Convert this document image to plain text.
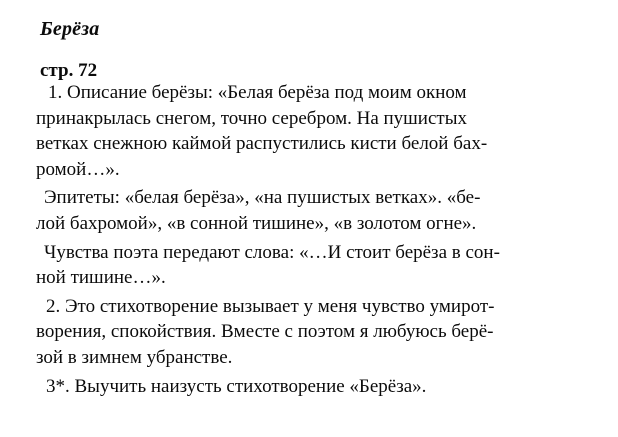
Берёза
стр. 72

1. Описание берёзы: «Белая берёза под моим окном
принакрылась снегом, точно серебром. На пушистых
ветках снежною каймой распустились кисти белой бах-
ромой…».

Эпитеты: «белая берёза», «на пушистых ветках». «бе-
лой бахромой», «в сонной тишине», «в золотом огне».

Чувства поэта передают слова: «…И стоит берёза в сон-
ной тишине…».

2. Это стихотворение вызывает у меня чувство умирот-
ворения, спокойствия. Вместе с поэтом я любуюсь берё-
зой в зимнем убранстве.

3*. Выучить наизусть стихотворение «Берёза».
